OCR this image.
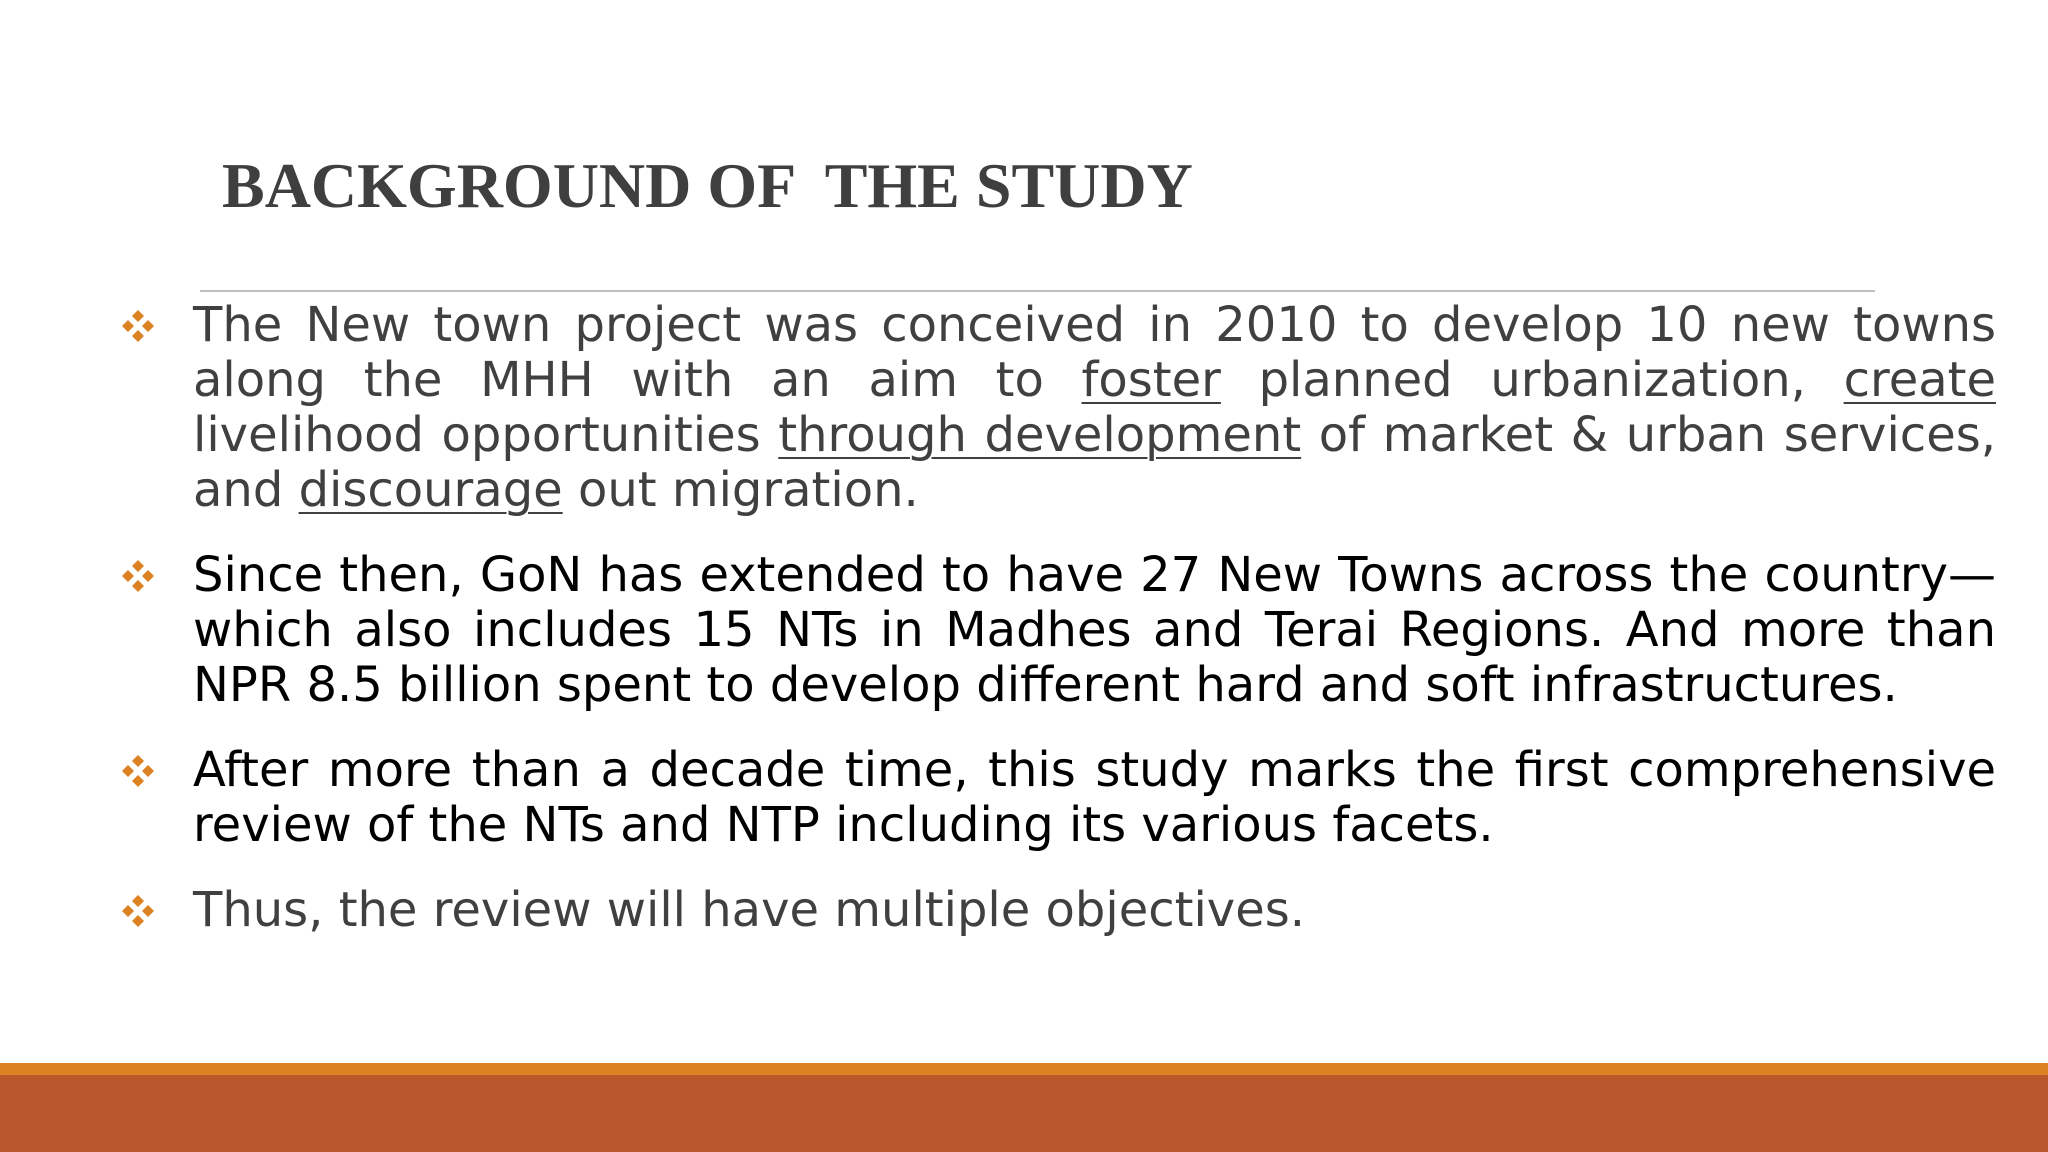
BACKGROUND OF  THE STUDY
The New town project was conceived in 2010 to develop 10 new towns along the MHH with an aim to foster planned urbanization, create livelihood opportunities through development of market & urban services, and discourage out migration.
Since then, GoN has extended to have 27 New Towns across the country—which also includes 15 NTs in Madhes and Terai Regions. And more than NPR 8.5 billion spent to develop different hard and soft infrastructures.
After more than a decade time, this study marks the first comprehensive review of the NTs and NTP including its various facets.
Thus, the review will have multiple objectives.
